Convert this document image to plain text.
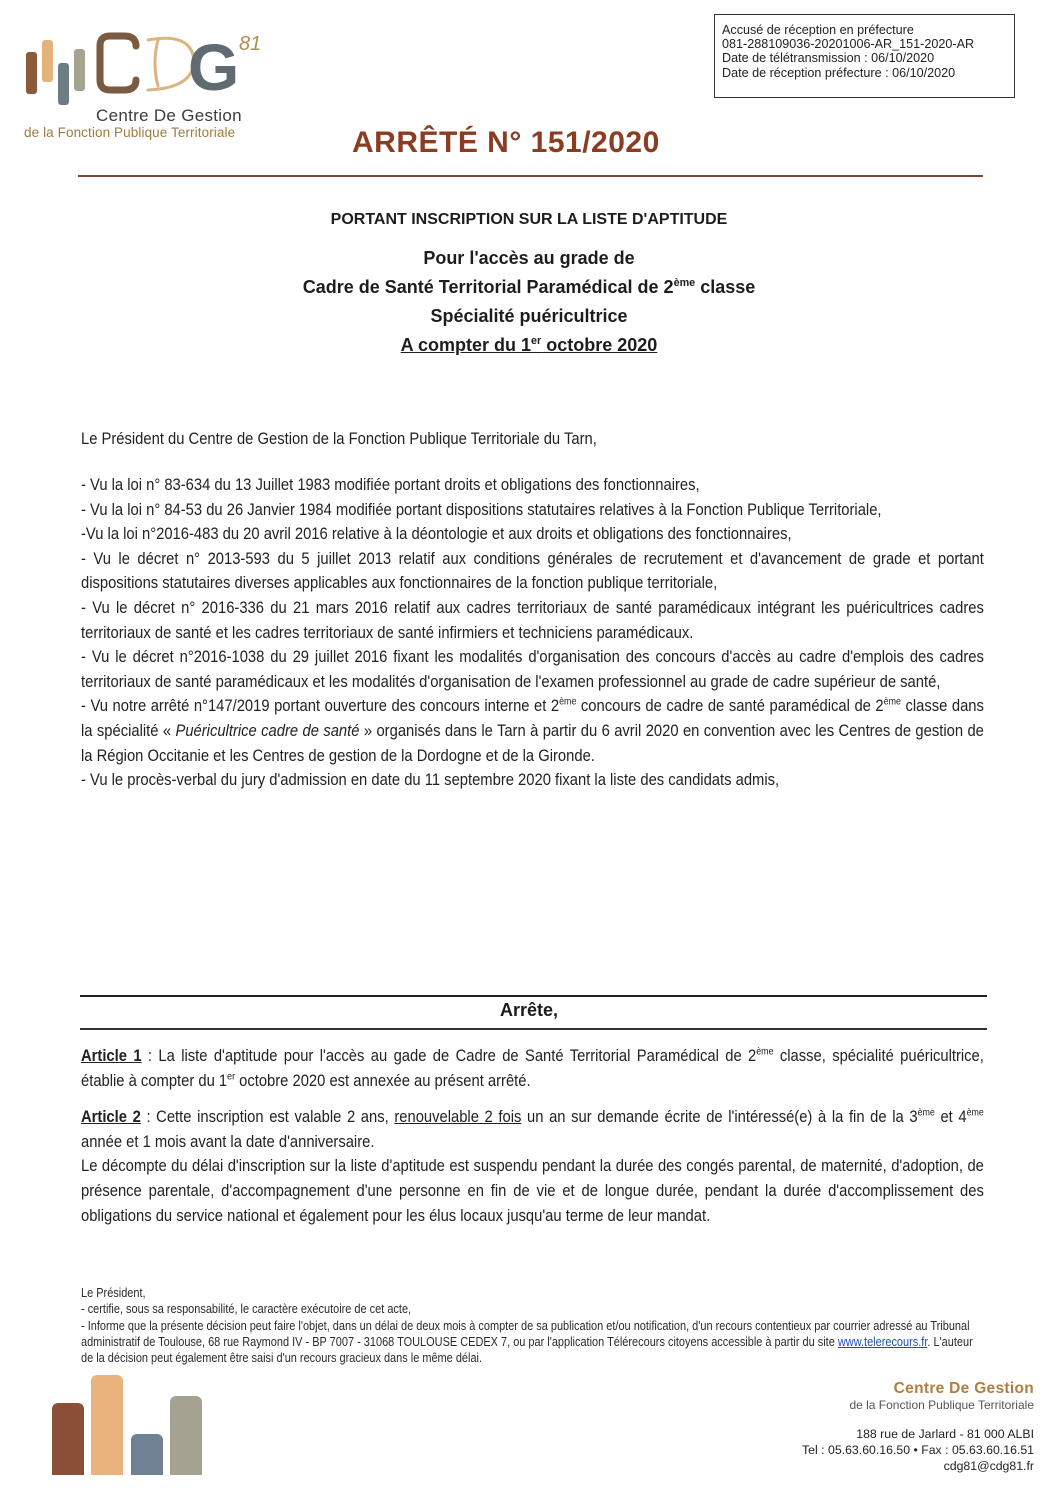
G 81
Centre De Gestion
de la Fonction Publique Territoriale
Accusé de réception en préfecture
081-288109036-20201006-AR_151-2020-AR
Date de télétransmission : 06/10/2020
Date de réception préfecture : 06/10/2020
ARRÊTÉ N° 151/2020
PORTANT INSCRIPTION SUR LA LISTE D'APTITUDE
Pour l'accès au grade de
Cadre de Santé Territorial Paramédical de 2ème classe
Spécialité puéricultrice
A compter du 1er octobre 2020
Le Président du Centre de Gestion de la Fonction Publique Territoriale du Tarn,

- Vu la loi n° 83-634 du 13 Juillet 1983 modifiée portant droits et obligations des fonctionnaires,

- Vu la loi n° 84-53 du 26 Janvier 1984 modifiée portant dispositions statutaires relatives à la Fonction Publique Territoriale,

-Vu la loi n°2016-483 du 20 avril 2016 relative à la déontologie et aux droits et obligations des fonctionnaires,

- Vu le décret n° 2013-593 du 5 juillet 2013 relatif aux conditions générales de recrutement et d'avancement de grade et portant dispositions statutaires diverses applicables aux fonctionnaires de la fonction publique territoriale,

- Vu le décret n° 2016-336 du 21 mars 2016 relatif aux cadres territoriaux de santé paramédicaux intégrant les puéricultrices cadres territoriaux de santé et les cadres territoriaux de santé infirmiers et techniciens paramédicaux.

- Vu le décret n°2016-1038 du 29 juillet 2016 fixant les modalités d'organisation des concours d'accès au cadre d'emplois des cadres territoriaux de santé paramédicaux et les modalités d'organisation de l'examen professionnel au grade de cadre supérieur de santé,

- Vu notre arrêté n°147/2019 portant ouverture des concours interne et 2ème concours de cadre de santé paramédical de 2ème classe dans la spécialité « Puéricultrice cadre de santé » organisés dans le Tarn à partir du 6 avril 2020 en convention avec les Centres de gestion de la Région Occitanie et les Centres de gestion de la Dordogne et de la Gironde.

- Vu le procès-verbal du jury d'admission en date du 11 septembre 2020 fixant la liste des candidats admis,

Arrête,

Article 1 : La liste d'aptitude pour l'accès au gade de Cadre de Santé Territorial Paramédical de 2ème classe, spécialité puéricultrice, établie à compter du 1er octobre 2020 est annexée au présent arrêté.

Article 2 : Cette inscription est valable 2 ans, renouvelable 2 fois un an sur demande écrite de l'intéressé(e) à la fin de la 3ème et 4ème année et 1 mois avant la date d'anniversaire.

Le décompte du délai d'inscription sur la liste d'aptitude est suspendu pendant la durée des congés parental, de maternité, d'adoption, de présence parentale, d'accompagnement d'une personne en fin de vie et de longue durée, pendant la durée d'accomplissement des obligations du service national et également pour les élus locaux jusqu'au terme de leur mandat.

Le Président,

- certifie, sous sa responsabilité, le caractère exécutoire de cet acte,

- Informe que la présente décision peut faire l'objet, dans un délai de deux mois à compter de sa publication et/ou notification, d'un recours contentieux par courrier adressé au Tribunal administratif de Toulouse, 68 rue Raymond IV - BP 7007 - 31068 TOULOUSE CEDEX 7, ou par l'application Télérecours citoyens accessible à partir du site www.telerecours.fr. L'auteur de la décision peut également être saisi d'un recours gracieux dans le même délai.

Centre De Gestion
de la Fonction Publique Territoriale
188 rue de Jarlard - 81 000 ALBI
Tel : 05.63.60.16.50 • Fax : 05.63.60.16.51
cdg81@cdg81.fr
